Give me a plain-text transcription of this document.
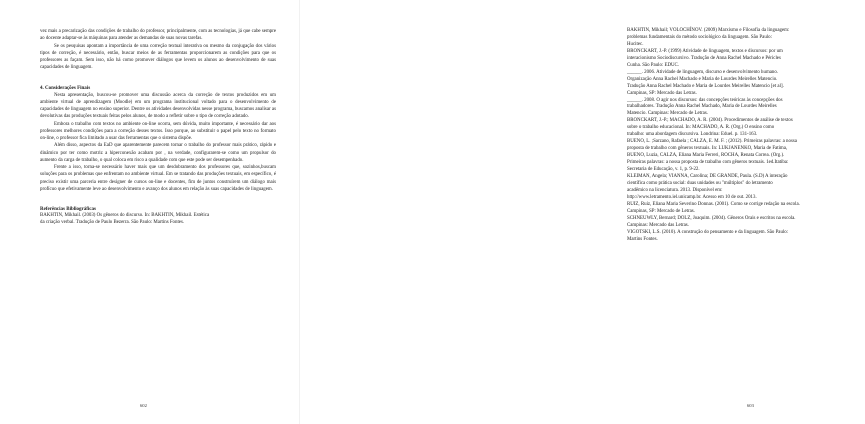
vez mais a precarização das condições de trabalho do professor, principalmente, com as tecnologias, já que cabe sempre ao docente adaptar-se às máquinas para atender as demandas de suas novas tarefas.

Se os pesquisas apontam a importância de uma correção textual interativa ou mesmo da conjugação dos vários tipos de correção, é necessário, então, buscar meios de as ferramentas proporcionarem as condições para que os professores as façam. Sem isso, não há como promover diálogos que levem os alunos ao desenvolvimento de suas capacidades de linguagem.

4. Considerações Finais

Nesta apresentação, buscou-se promover uma discussão acerca da correção de textos produzidos em um ambiente virtual de aprendizagem (Moodle) em um programa institucional voltado para o desenvolvimento de capacidades de linguagem no ensino superior. Dentre os atividades desenvolvidas nesse programa, buscamos analisar as devolutivas das produções textuais feitas pelos alunos, de modo a refletir sobre o tipo de correção adotado.

Embora o trabalho com textos no ambiente on-line ocorra, sem dúvida, muito importante, é necessário dar aos professores melhores condições para a correção desses textos. Isso porque, ao substituir o papel pelo texto no formato on-line, o professor fica limitado a usar das ferramentas que o sistema dispõe.

Além disso, aspectos da EaD que aparentemente parecem tornar o trabalho do professor mais prático, rápido e dinâmico por ter como motriz a hiperconexão acabam por , na verdade, configurarem-se como um propulsor do aumento da carga de trabalho, o qual coloca em risco a qualidade com que este pode ser desempenhado.

Frente a isso, torna-se necessário haver mais que um desdobramento dos professores que, sozinhos,buscam soluções para os problemas que enfrentam no ambiente virtual. Em se tratando das produções textuais, em específico, é preciso existir uma parceria entre designer de cursos on-line e docentes, fim de juntos construírem um diálogo mais profícuo que efetivamente leve ao desenvolvimento e avanço dos alunos em relação às suas capacidades de linguagem.

Referências Bibliográficas
BAKHTIN, Mikhail. (2003) Os gêneros do discurso. In: BAKHTIN, Mikhail. Estética
da criação verbal. Tradução de Paulo Bezerra. São Paulo: Martins Fontes.
602
BAKHTIN, Mikhail; VOLOCHÍNOV. (2009) Marxismo e Filosofia da linguagem:
problemas fundamentais do método sociológico da linguagem. São Paulo:
Hucitec.
BRONCKART, J.-P. (1999) Atividade de linguagem, textos e discursos: por um
interacionismo Sociodiscursivo. Tradução de Anna Rachel Machado e Péricles
Cunha. São Paulo: EDUC.
______. 2006. Atividade de linguagem, discurso e desenvolvimento humano.
Organização Anna Rachel Machado e Maria de Lourdes Meirelles Matencio.
Tradução Anna Rachel Machado e Maria de Lourdes Meirelles Matencio [et al].
Campinas, SP: Mercado das Letras.
______. 2008. O agir nos discursos: das concepções teóricas às concepções dos
trabalhadores. Tradução Anna Rachel Machado, Maria de Lourdes Meirelles
Matencio. Campinas: Mercado de Letras.
BRONCKART, J.-P.; MACHADO, A. R. (2004). Procedimentos de análise de textos
sobre o trabalho educacional. In: MACHADO, A. R. (Org.) O ensino como
trabalho: uma abordagem discursiva. Londrina: Eduel. p. 131-163.
BUENO, L. ;Sarzano, Rafaela ; CALZA, E. M. F. ; (2012). Primeiras palavras: a nossa
proposta de trabalho com gêneros textuais. In: LUKJANENKO, Maria de Fatima,
BUENO, Luzia, CALZA, Eliana Maria Ferreri, ROCHA, Renata Correa. (Org.).
Primeiras palavras: a nossa proposta de trabalho com gêneros textuais. 1ed.Itatiba:
Secretaria de Educação, v. 1, p. 9-22.
KLEIMAN, Angela; VIANNA, Carolina; DE GRANDE, Paula. (S.D) A interação
científica como prática social: duas unidades ou "múltiplos" do letramento
acadêmico na licenciatura. 2013. Disponível em:
http://www.letramento.iel.unicamp.br. Acesso em 10 de out. 2013.
RUIZ, Ruiz, Eliana Maria Severino Donnas. (2001). Como se corrige redação na escola.
Campinas, SP: Mercado de Letras.
SCHNEUWLY, Bernard; DOLZ, Joaquim. (2004). Gêneros Orais e escritos na escola.
Campinas: Mercado das Letras.
VIGOTSKI, L.S. (2010). A construção do pensamento e da linguagem. São Paulo:
Martins Fontes.
603
